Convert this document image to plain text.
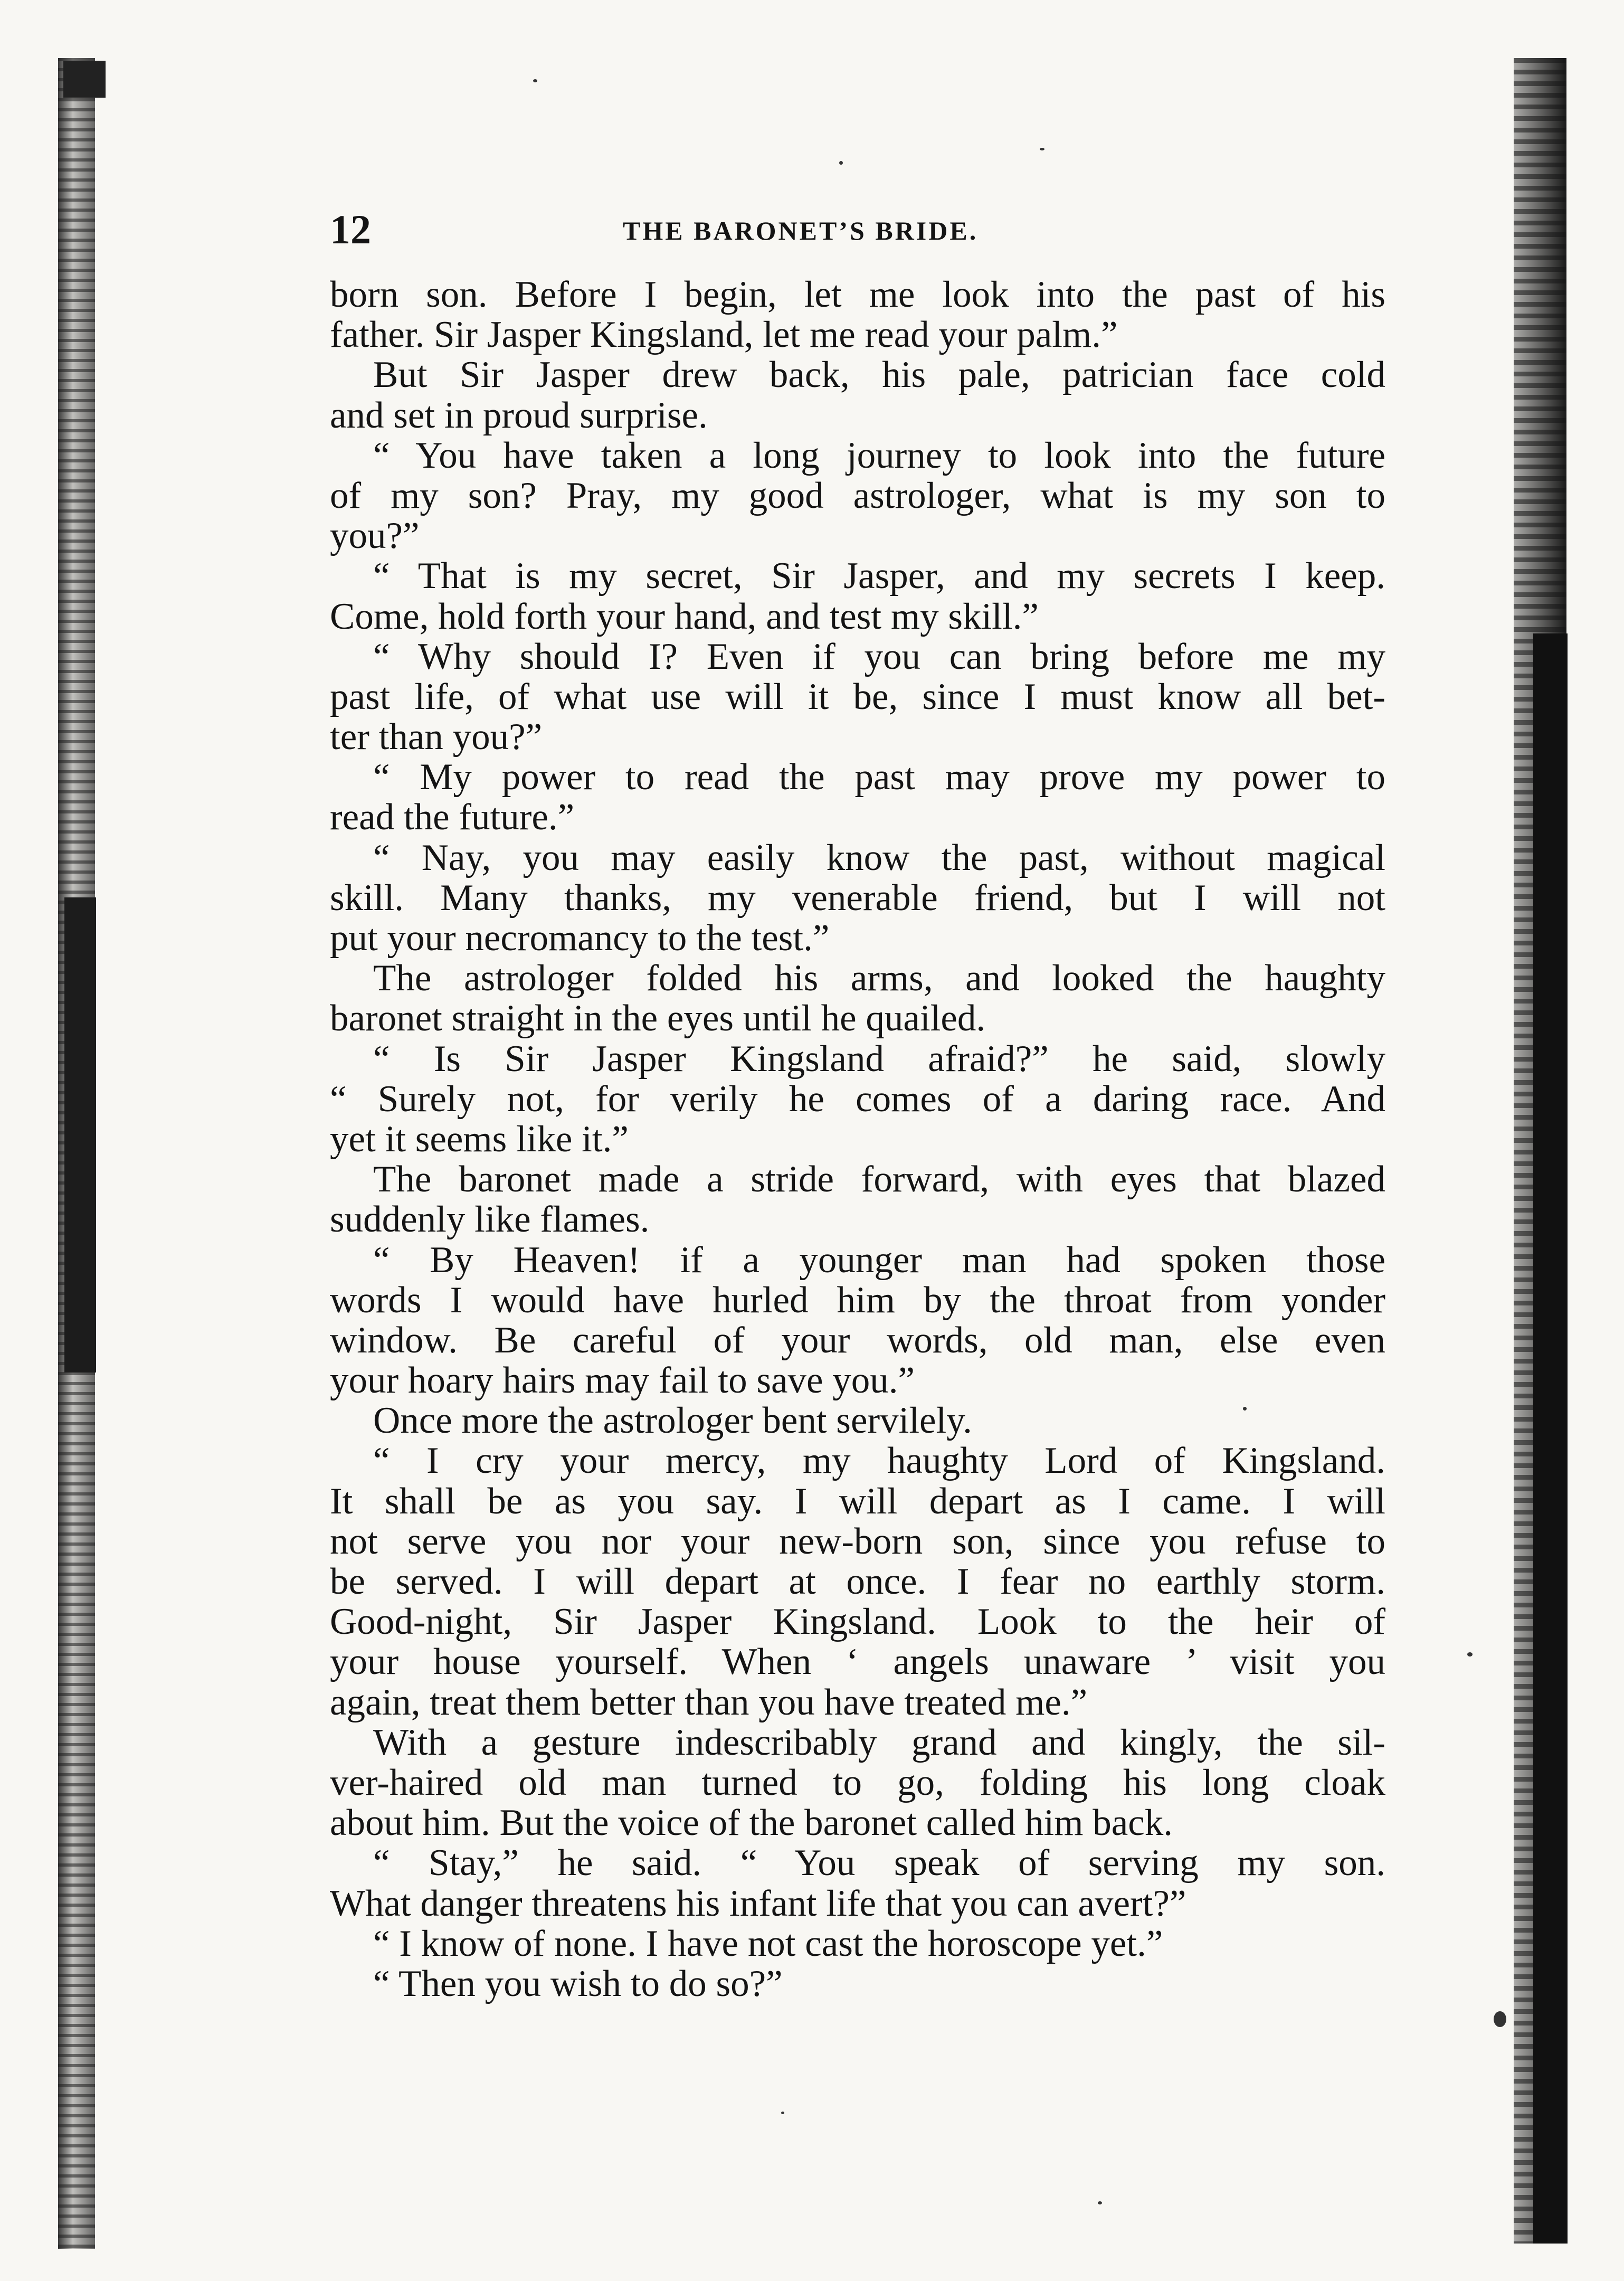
12	THE BARONET’S BRIDE.
born son. Before I begin, let me look into the past of his
father. Sir Jasper Kingsland, let me read your palm.”
But Sir Jasper drew back, his pale, patrician face cold
and set in proud surprise.
“ You have taken a long journey to look into the future
of my son? Pray, my good astrologer, what is my son to
you?”
“ That is my secret, Sir Jasper, and my secrets I keep.
Come, hold forth your hand, and test my skill.”
“ Why should I? Even if you can bring before me my
past life, of what use will it be, since I must know all bet-
ter than you?”
“ My power to read the past may prove my power to
read the future.”
“ Nay, you may easily know the past, without magical
skill. Many thanks, my venerable friend, but I will not
put your necromancy to the test.”
The astrologer folded his arms, and looked the haughty
baronet straight in the eyes until he quailed.
“ Is Sir Jasper Kingsland afraid?” he said, slowly
“ Surely not, for verily he comes of a daring race. And
yet it seems like it.”
The baronet made a stride forward, with eyes that blazed
suddenly like flames.
“ By Heaven! if a younger man had spoken those
words I would have hurled him by the throat from yonder
window. Be careful of your words, old man, else even
your hoary hairs may fail to save you.”
Once more the astrologer bent servilely.
“ I cry your mercy, my haughty Lord of Kingsland.
It shall be as you say. I will depart as I came. I will
not serve you nor your new-born son, since you refuse to
be served. I will depart at once. I fear no earthly storm.
Good-night, Sir Jasper Kingsland. Look to the heir of
your house yourself. When ‘ angels unaware ’ visit you
again, treat them better than you have treated me.”
With a gesture indescribably grand and kingly, the sil-
ver-haired old man turned to go, folding his long cloak
about him. But the voice of the baronet called him back.
“ Stay,” he said. “ You speak of serving my son.
What danger threatens his infant life that you can avert?”
“ I know of none. I have not cast the horoscope yet.”
“ Then you wish to do so?”
